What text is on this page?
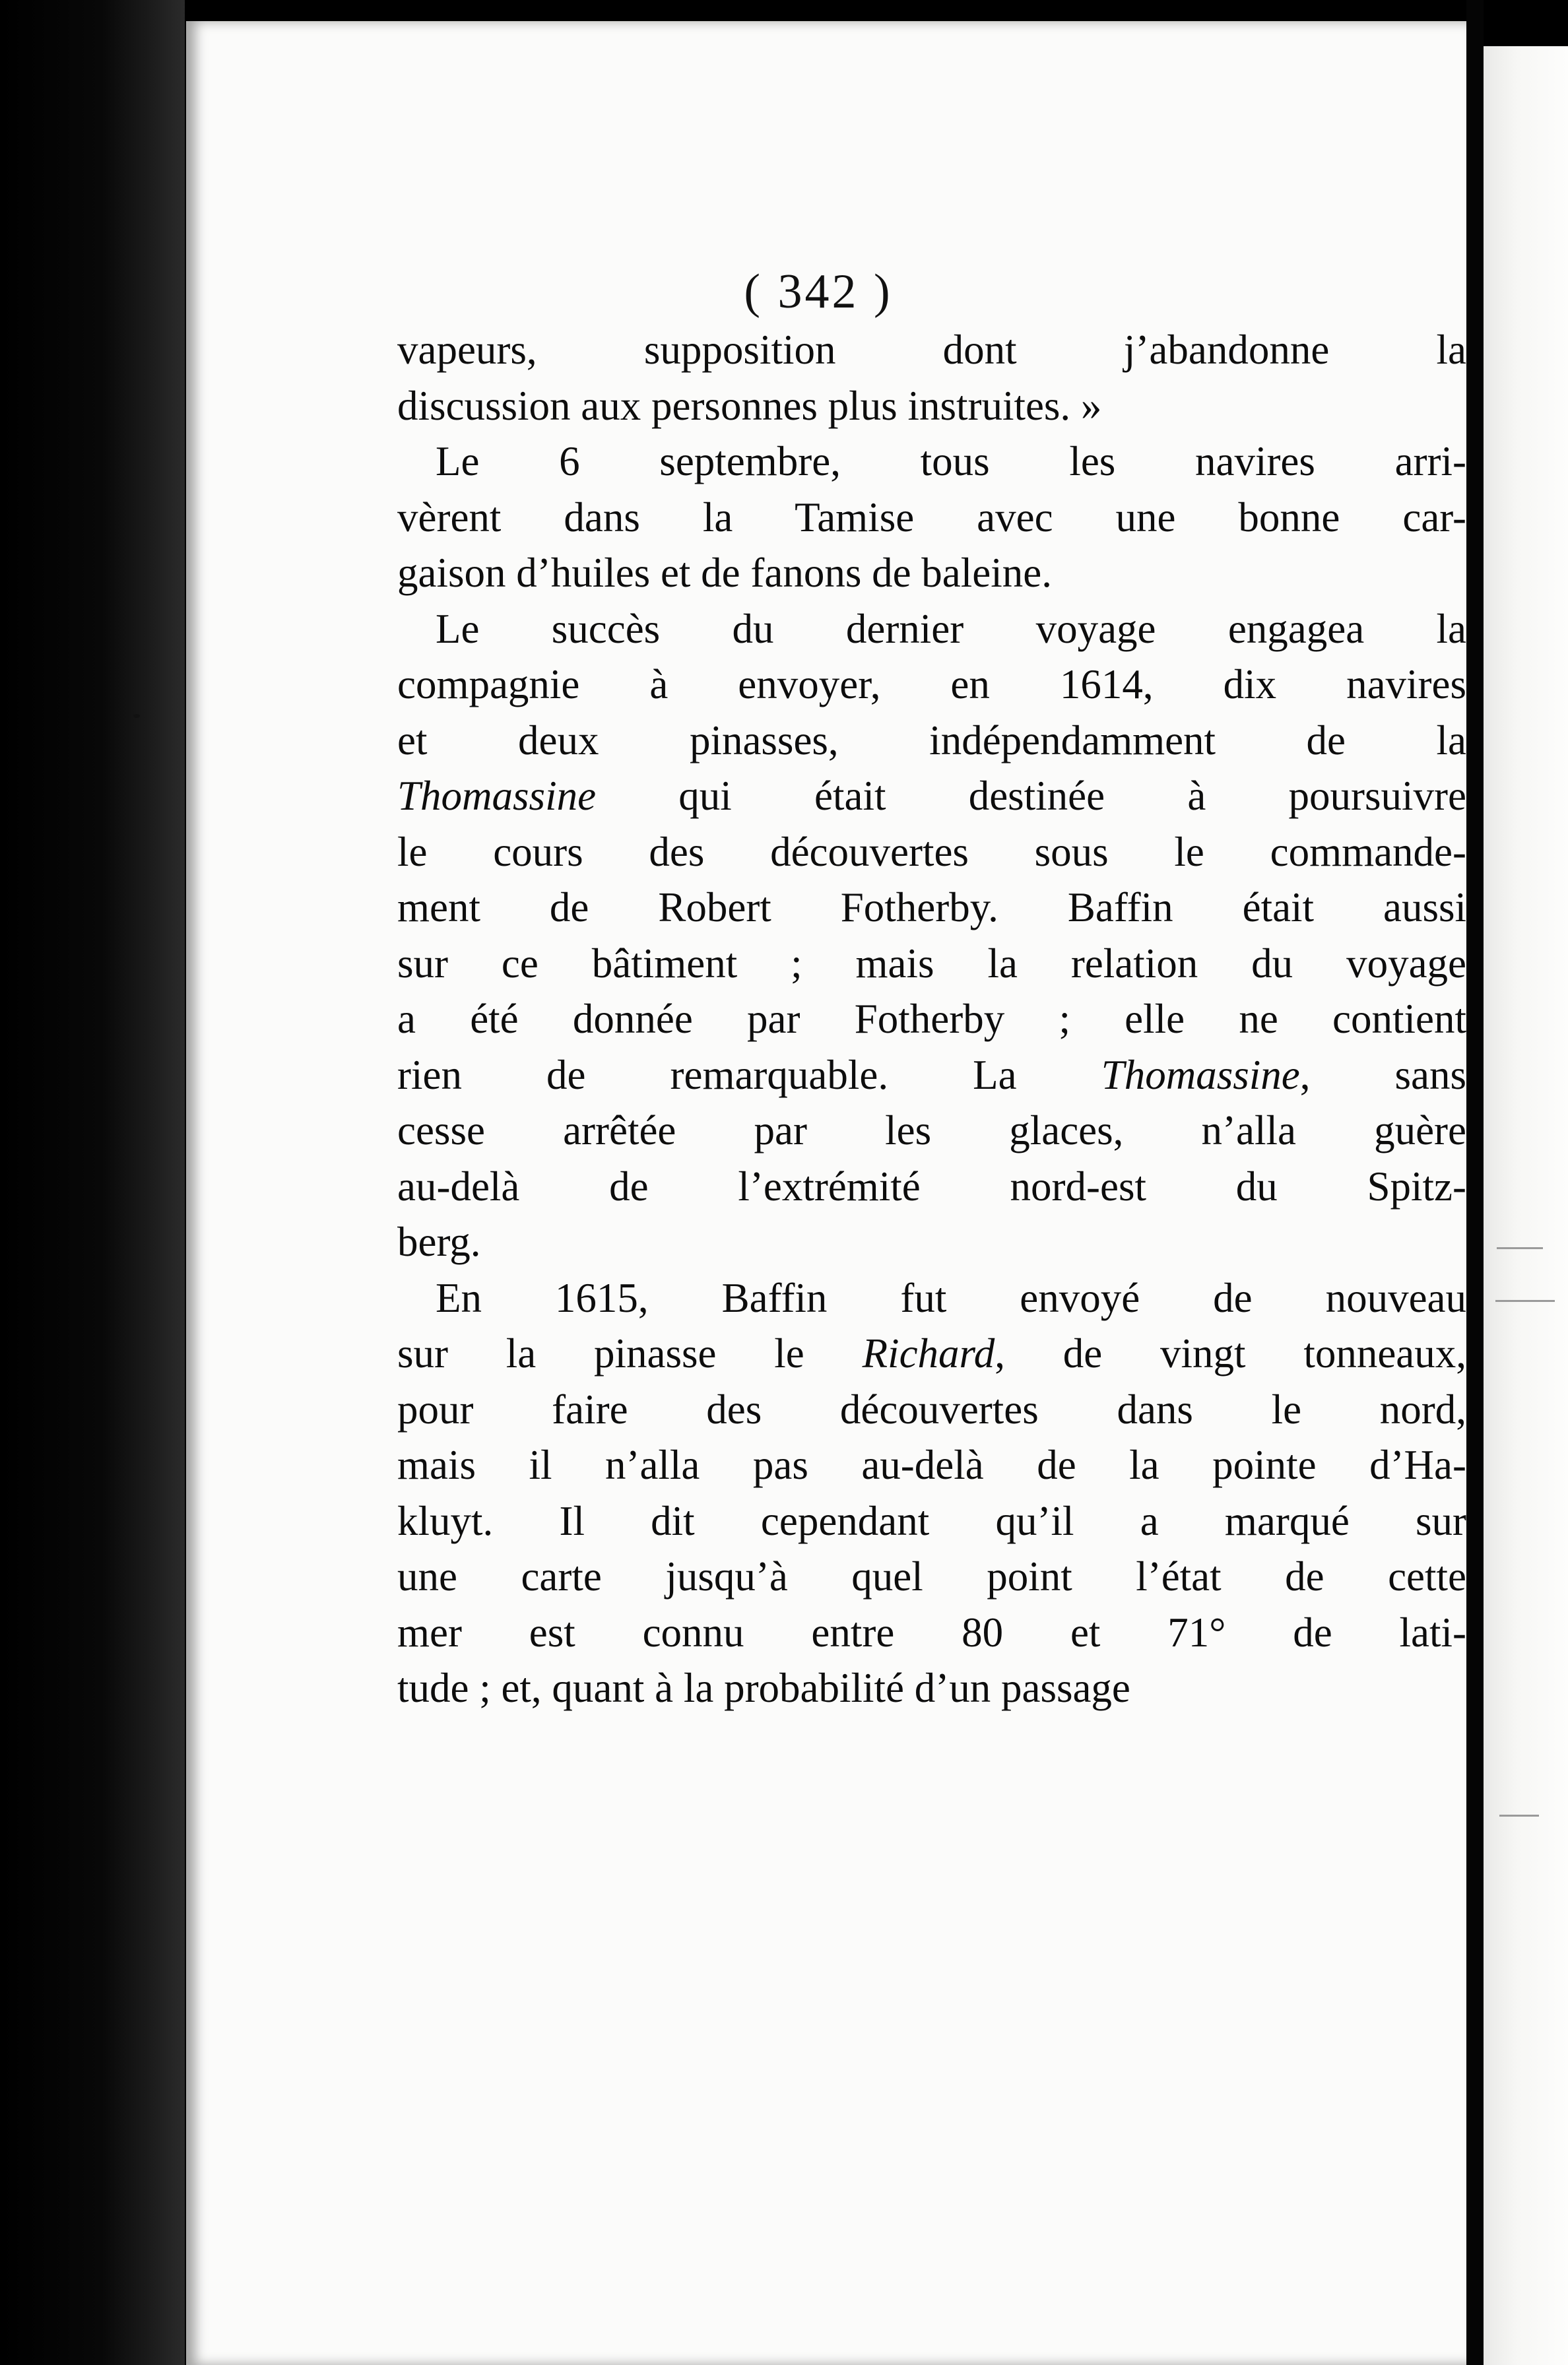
( 342 )
vapeurs, supposition dont j’abandonne la
discussion aux personnes plus instruites. »
Le 6 septembre, tous les navires arri-
vèrent dans la Tamise avec une bonne car-
gaison d’huiles et de fanons de baleine.
Le succès du dernier voyage engagea la
compagnie à envoyer, en 1614, dix navires
et deux pinasses, indépendamment de la
Thomassine qui était destinée à poursuivre
le cours des découvertes sous le commande-
ment de Robert Fotherby. Baffin était aussi
sur ce bâtiment ; mais la relation du voyage
a été donnée par Fotherby ; elle ne contient
rien de remarquable. La Thomassine, sans
cesse arrêtée par les glaces, n’alla guère
au-delà de l’extrémité nord-est du Spitz-
berg.
En 1615, Baffin fut envoyé de nouveau
sur la pinasse le Richard, de vingt tonneaux,
pour faire des découvertes dans le nord,
mais il n’alla pas au-delà de la pointe d’Ha-
kluyt. Il dit cependant qu’il a marqué sur
une carte jusqu’à quel point l’état de cette
mer est connu entre 80 et 71° de lati-
tude ; et, quant à la probabilité d’un passage
